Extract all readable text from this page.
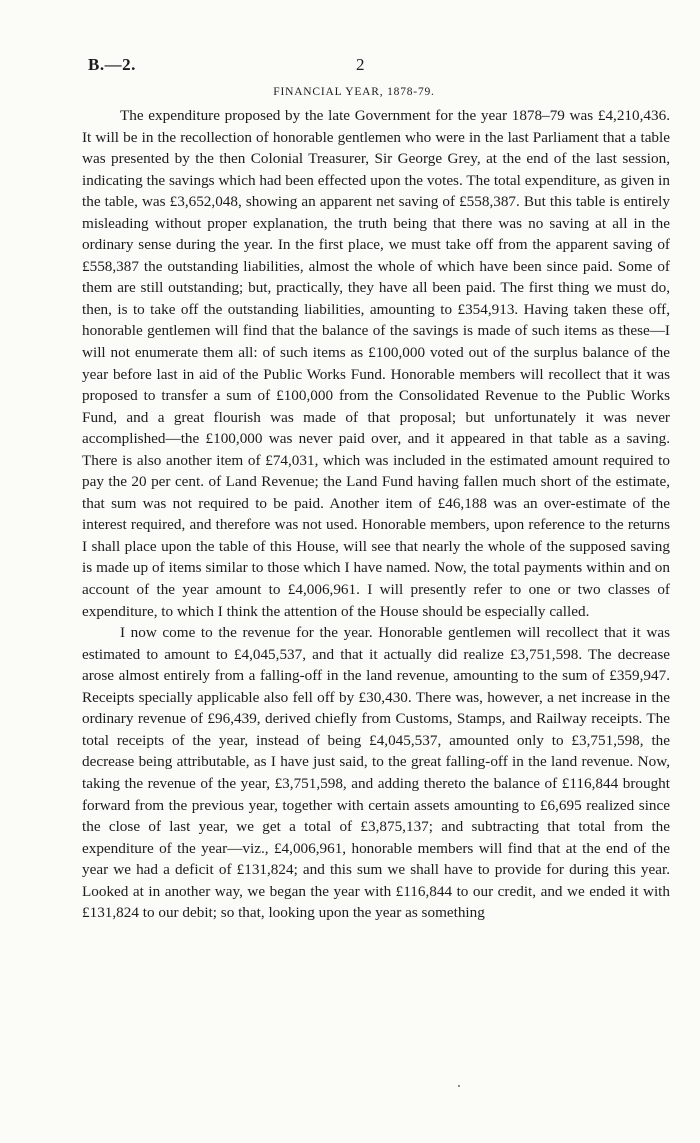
B.—2.	2
FINANCIAL YEAR, 1878-79.

The expenditure proposed by the late Government for the year 1878–79 was £4,210,436. It will be in the recollection of honorable gentlemen who were in the last Parliament that a table was presented by the then Colonial Treasurer, Sir George Grey, at the end of the last session, indicating the savings which had been effected upon the votes. The total expenditure, as given in the table, was £3,652,048, showing an apparent net saving of £558,387. But this table is entirely misleading without proper explanation, the truth being that there was no saving at all in the ordinary sense during the year. In the first place, we must take off from the apparent saving of £558,387 the outstanding liabilities, almost the whole of which have been since paid. Some of them are still outstanding; but, practically, they have all been paid. The first thing we must do, then, is to take off the outstanding liabilities, amounting to £354,913. Having taken these off, honorable gentlemen will find that the balance of the savings is made of such items as these—I will not enumerate them all: of such items as £100,000 voted out of the surplus balance of the year before last in aid of the Public Works Fund. Honorable members will recollect that it was proposed to transfer a sum of £100,000 from the Consolidated Revenue to the Public Works Fund, and a great flourish was made of that proposal; but unfortunately it was never accomplished—the £100,000 was never paid over, and it appeared in that table as a saving. There is also another item of £74,031, which was included in the estimated amount required to pay the 20 per cent. of Land Revenue; the Land Fund having fallen much short of the estimate, that sum was not required to be paid. Another item of £46,188 was an over-estimate of the interest required, and therefore was not used. Honorable members, upon reference to the returns I shall place upon the table of this House, will see that nearly the whole of the supposed saving is made up of items similar to those which I have named. Now, the total payments within and on account of the year amount to £4,006,961. I will presently refer to one or two classes of expenditure, to which I think the attention of the House should be especially called.

I now come to the revenue for the year. Honorable gentlemen will recollect that it was estimated to amount to £4,045,537, and that it actually did realize £3,751,598. The decrease arose almost entirely from a falling-off in the land revenue, amounting to the sum of £359,947. Receipts specially applicable also fell off by £30,430. There was, however, a net increase in the ordinary revenue of £96,439, derived chiefly from Customs, Stamps, and Railway receipts. The total receipts of the year, instead of being £4,045,537, amounted only to £3,751,598, the decrease being attributable, as I have just said, to the great falling-off in the land revenue. Now, taking the revenue of the year, £3,751,598, and adding thereto the balance of £116,844 brought forward from the previous year, together with certain assets amounting to £6,695 realized since the close of last year, we get a total of £3,875,137; and subtracting that total from the expenditure of the year—viz., £4,006,961, honorable members will find that at the end of the year we had a deficit of £131,824; and this sum we shall have to provide for during this year. Looked at in another way, we began the year with £116,844 to our credit, and we ended it with £131,824 to our debit; so that, looking upon the year as something
